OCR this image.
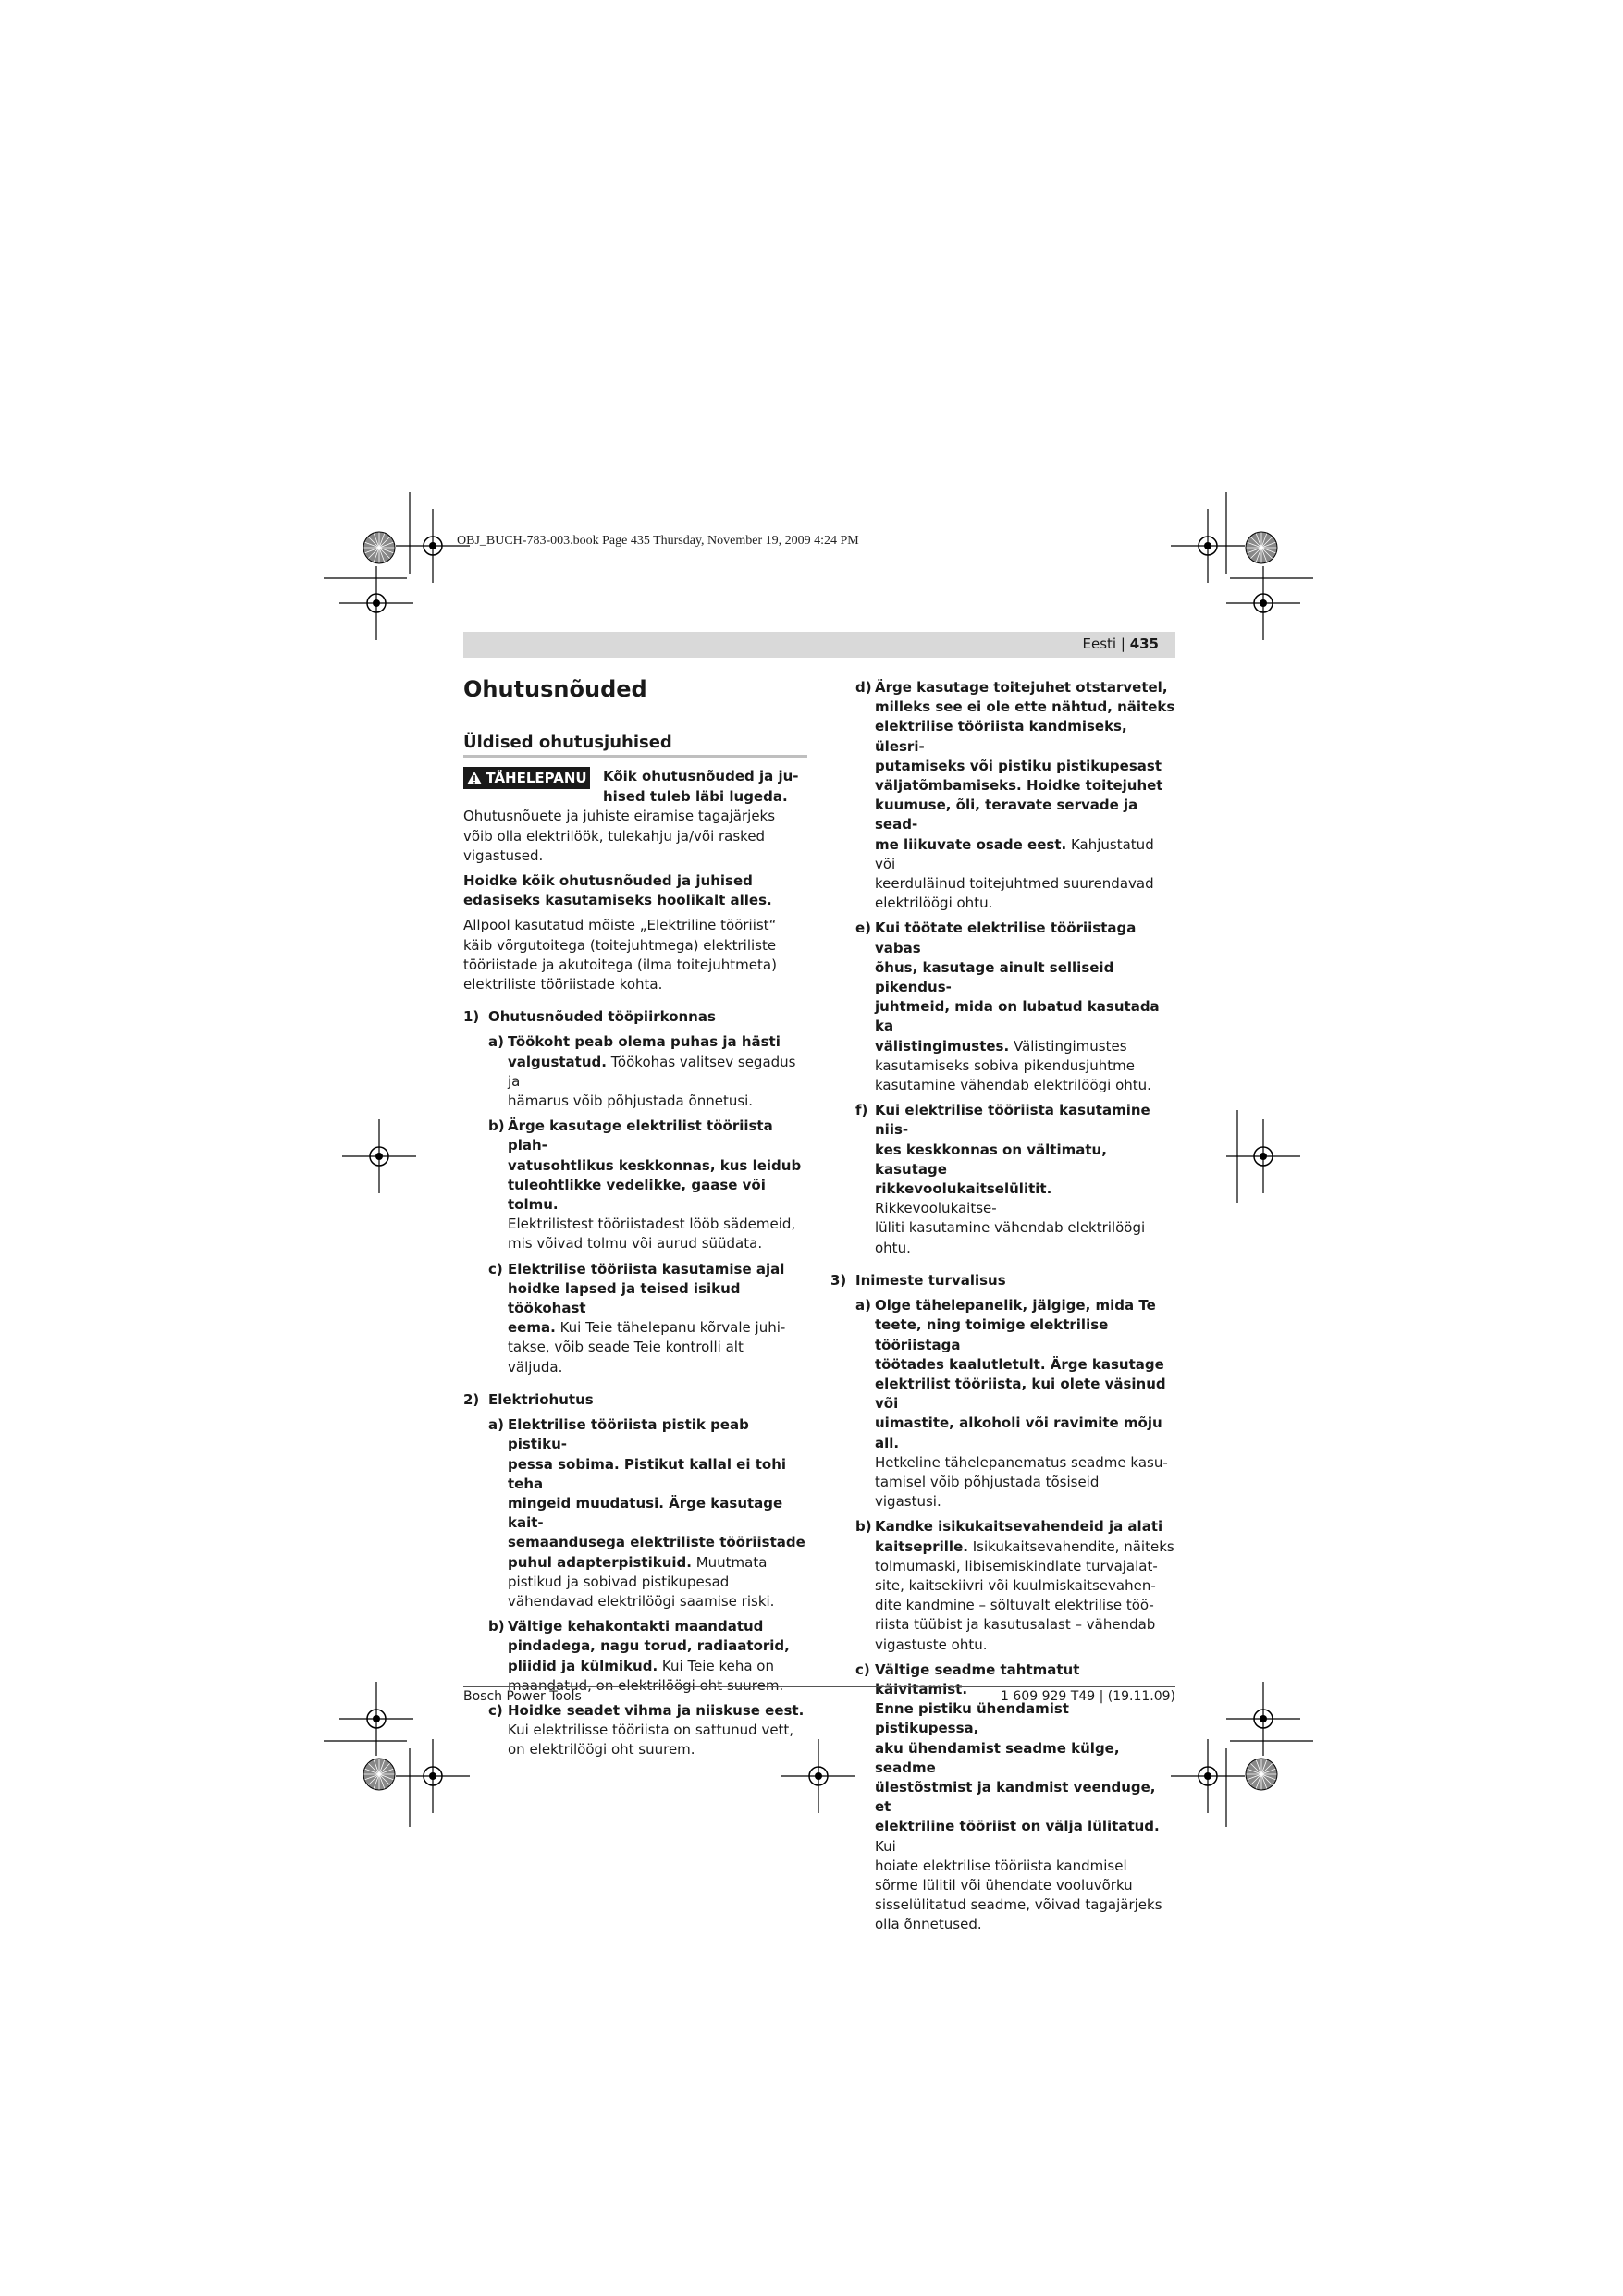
OBJ_BUCH-783-003.book Page 435 Thursday, November 19, 2009 4:24 PM
Eesti | 435
Ohutusnõuded
Üldised ohutusjuhised
TÄHELEPANU Kõik ohutusnõuded ja ju-

hised tuleb läbi lugeda.

Ohutusnõuete ja juhiste eiramise tagajärjeks

võib olla elektrilöök, tulekahju ja/või rasked

vigastused.

Hoidke kõik ohutusnõuded ja juhised

edasiseks kasutamiseks hoolikalt alles.

Allpool kasutatud mõiste „Elektriline tööriist“

käib võrgutoitega (toitejuhtmega) elektriliste

tööriistade ja akutoitega (ilma toitejuhtmeta)

elektriliste tööriistade kohta.

1) Ohutusnõuded tööpiirkonnas
a) Töökoht peab olema puhas ja hästi

valgustatud. Töökohas valitsev segadus ja

hämarus võib põhjustada õnnetusi.

b) Ärge kasutage elektrilist tööriista plah-

vatusohtlikus keskkonnas, kus leidub

tuleohtlikke vedelikke, gaase või tolmu.

Elektrilistest tööriistadest lööb sädemeid,

mis võivad tolmu või aurud süüdata.

c) Elektrilise tööriista kasutamise ajal

hoidke lapsed ja teised isikud töökohast

eema. Kui Teie tähelepanu kõrvale juhi-

takse, võib seade Teie kontrolli alt

väljuda.

2) Elektriohutus
a) Elektrilise tööriista pistik peab pistiku-

pessa sobima. Pistikut kallal ei tohi teha

mingeid muudatusi. Ärge kasutage kait-

semaandusega elektriliste tööriistade

puhul adapterpistikuid. Muutmata

pistikud ja sobivad pistikupesad

vähendavad elektrilöögi saamise riski.

b) Vältige kehakontakti maandatud

pindadega, nagu torud, radiaatorid,

pliidid ja külmikud. Kui Teie keha on

maandatud, on elektrilöögi oht suurem.

c) Hoidke seadet vihma ja niiskuse eest.

Kui elektrilisse tööriista on sattunud vett,

on elektrilöögi oht suurem.

d) Ärge kasutage toitejuhet otstarvetel,

milleks see ei ole ette nähtud, näiteks

elektrilise tööriista kandmiseks, ülesri-

putamiseks või pistiku pistikupesast

väljatõmbamiseks. Hoidke toitejuhet

kuumuse, õli, teravate servade ja sead-

me liikuvate osade eest. Kahjustatud või

keerduläinud toitejuhtmed suurendavad

elektrilöögi ohtu.

e) Kui töötate elektrilise tööriistaga vabas

õhus, kasutage ainult selliseid pikendus-

juhtmeid, mida on lubatud kasutada ka

välistingimustes. Välistingimustes

kasutamiseks sobiva pikendusjuhtme

kasutamine vähendab elektrilöögi ohtu.

f) Kui elektrilise tööriista kasutamine niis-

kes keskkonnas on vältimatu, kasutage

rikkevoolukaitselülitit. Rikkevoolukaitse-

lüliti kasutamine vähendab elektrilöögi

ohtu.

3) Inimeste turvalisus
a) Olge tähelepanelik, jälgige, mida Te

teete, ning toimige elektrilise tööriistaga

töötades kaalutletult. Ärge kasutage

elektrilist tööriista, kui olete väsinud või

uimastite, alkoholi või ravimite mõju all.

Hetkeline tähelepanematus seadme kasu-

tamisel võib põhjustada tõsiseid

vigastusi.

b) Kandke isikukaitsevahendeid ja alati

kaitseprille. Isikukaitsevahendite, näiteks

tolmumaski, libisemiskindlate turvajalat-

site, kaitsekiivri või kuulmiskaitsevahen-

dite kandmine – sõltuvalt elektrilise töö-

riista tüübist ja kasutusalast – vähendab

vigastuste ohtu.

c) Vältige seadme tahtmatut käivitamist.

Enne pistiku ühendamist pistikupessa,

aku ühendamist seadme külge, seadme

ülestõstmist ja kandmist veenduge, et

elektriline tööriist on välja lülitatud. Kui

hoiate elektrilise tööriista kandmisel

sõrme lülitil või ühendate vooluvõrku

sisselülitatud seadme, võivad tagajärjeks

olla õnnetused.

Bosch Power Tools	1 609 929 T49 | (19.11.09)
